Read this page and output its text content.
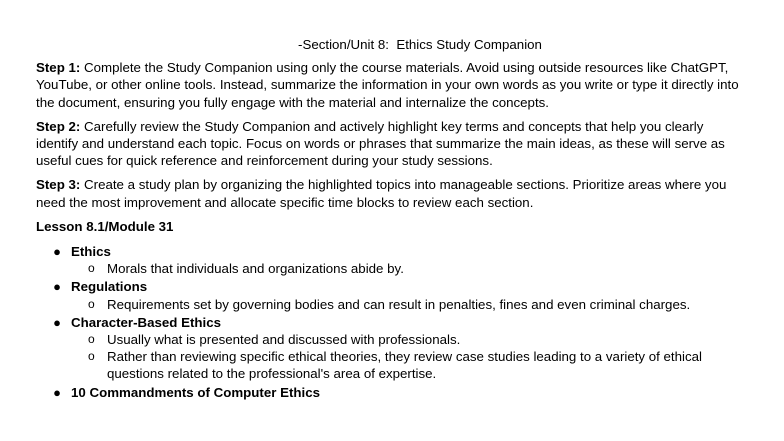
-Section/Unit 8:  Ethics Study Companion

Step 1: Complete the Study Companion using only the course materials. Avoid using outside resources like ChatGPT, YouTube, or other online tools. Instead, summarize the information in your own words as you write or type it directly into the document, ensuring you fully engage with the material and internalize the concepts.

Step 2: Carefully review the Study Companion and actively highlight key terms and concepts that help you clearly identify and understand each topic. Focus on words or phrases that summarize the main ideas, as these will serve as useful cues for quick reference and reinforcement during your study sessions.

Step 3: Create a study plan by organizing the highlighted topics into manageable sections. Prioritize areas where you need the most improvement and allocate specific time blocks to review each section.

Lesson 8.1/Module 31
● Ethics
o Morals that individuals and organizations abide by.
● Regulations
o Requirements set by governing bodies and can result in penalties, fines and even criminal charges.
● Character-Based Ethics
o Usually what is presented and discussed with professionals.
o Rather than reviewing specific ethical theories, they review case studies leading to a variety of ethical questions related to the professional's area of expertise.
● 10 Commandments of Computer Ethics
